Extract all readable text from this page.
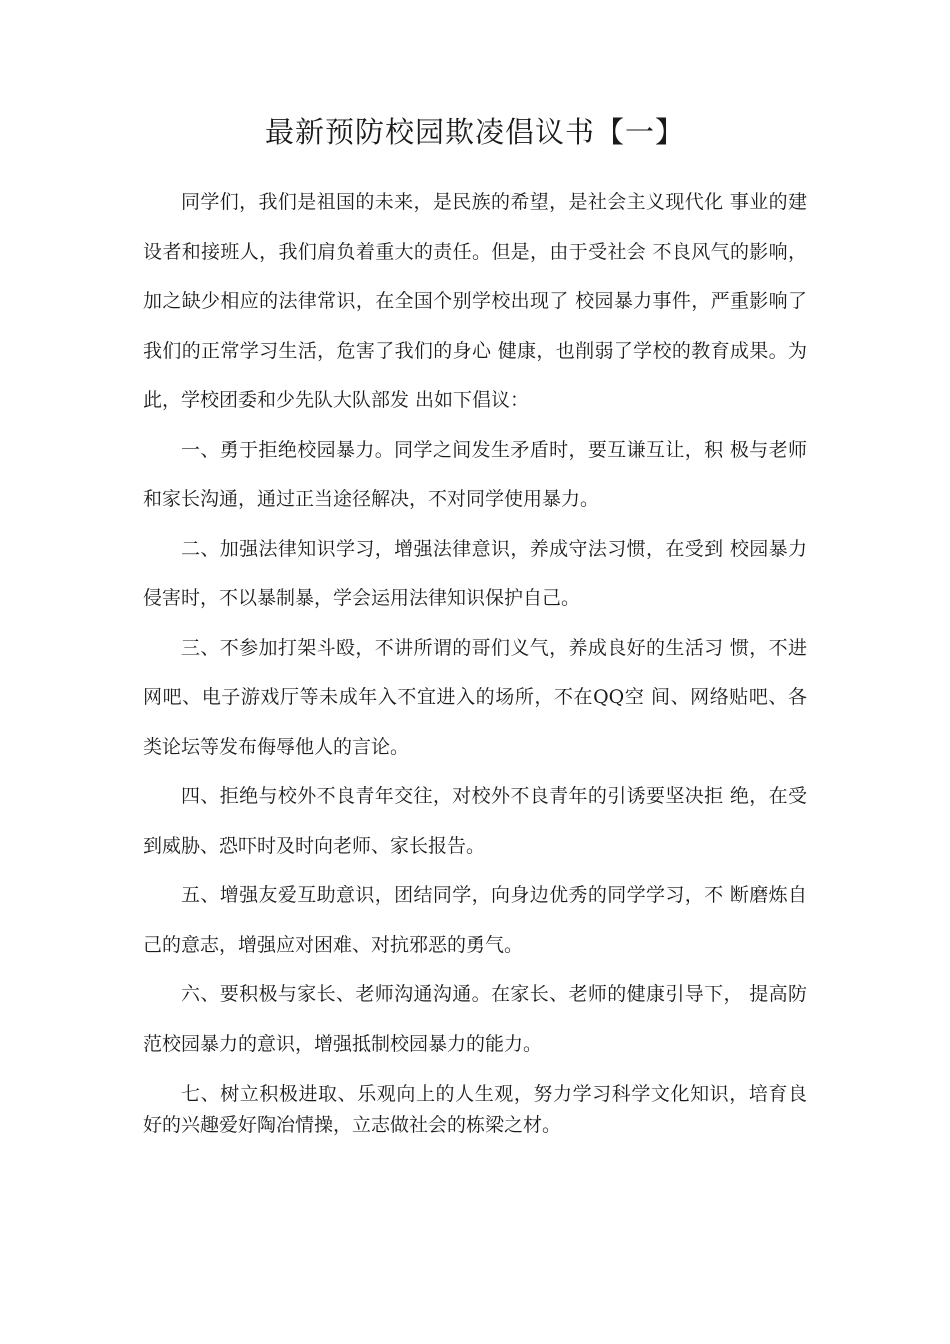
最新预防校园欺凌倡议书【一】

同学们，我们是祖国的未来，是民族的希望，是社会主义现代化 事业的建设者和接班人，我们肩负着重大的责任。但是，由于受社会 不良风气的影响，加之缺少相应的法律常识，在全国个别学校出现了 校园暴力事件，严重影响了我们的正常学习生活，危害了我们的身心 健康，也削弱了学校的教育成果。为此，学校团委和少先队大队部发 出如下倡议：

一、勇于拒绝校园暴力。同学之间发生矛盾时，要互谦互让，积 极与老师和家长沟通，通过正当途径解决，不对同学使用暴力。

二、加强法律知识学习，增强法律意识，养成守法习惯，在受到 校园暴力侵害时，不以暴制暴，学会运用法律知识保护自己。

三、不参加打架斗殴，不讲所谓的哥们义气，养成良好的生活习 惯，不进网吧、电子游戏厅等未成年入不宜进入的场所，不在QQ空 间、网络贴吧、各类论坛等发布侮辱他人的言论。

四、拒绝与校外不良青年交往，对校外不良青年的引诱要坚决拒 绝，在受到威胁、恐吓时及时向老师、家长报告。

五、增强友爱互助意识，团结同学，向身边优秀的同学学习，不 断磨炼自己的意志，增强应对困难、对抗邪恶的勇气。

六、要积极与家长、老师沟通沟通。在家长、老师的健康引导下， 提高防范校园暴力的意识，增强抵制校园暴力的能力。

七、树立积极进取、乐观向上的人生观，努力学习科学文化知识，培育良好的兴趣爱好陶冶情操，立志做社会的栋梁之材。
